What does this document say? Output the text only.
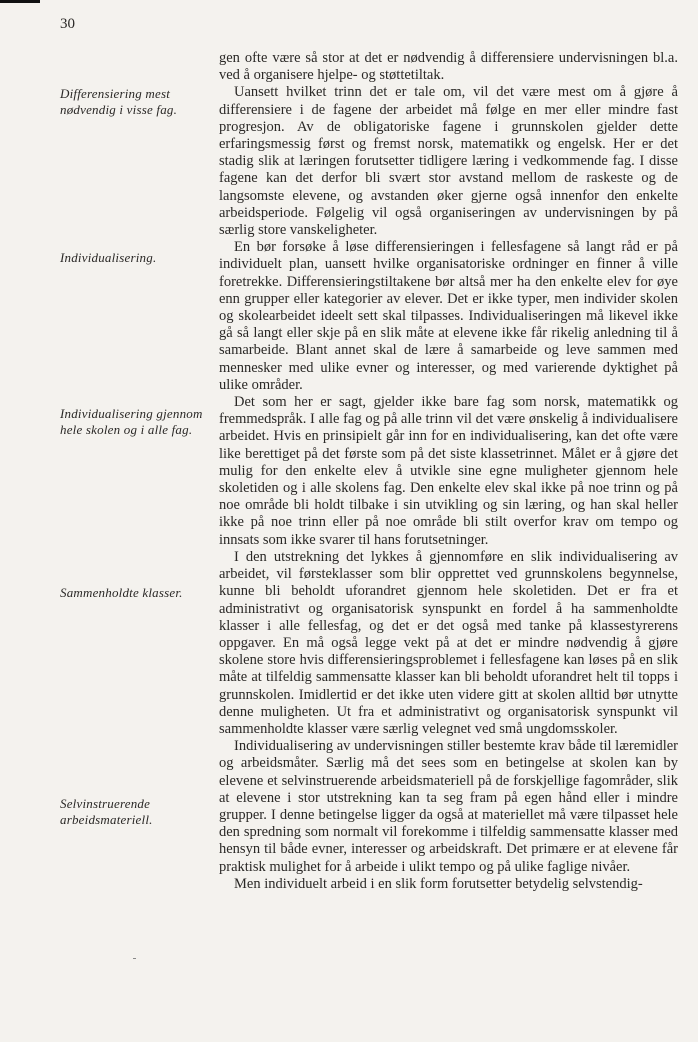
30
Differensiering mest nødvendig i visse fag.
Individualisering.
Individualisering gjennom hele skolen og i alle fag.
Sammenholdte klasser.
Selvinstruerende arbeidsmateriell.

gen ofte være så stor at det er nødvendig å differensiere undervisningen bl.a. ved å organisere hjelpe- og støttetiltak.

Uansett hvilket trinn det er tale om, vil det være mest om å gjøre å differensiere i de fagene der arbeidet må følge en mer eller mindre fast progresjon. Av de obligatoriske fagene i grunnskolen gjelder dette erfaringsmessig først og fremst norsk, matematikk og engelsk. Her er det stadig slik at læringen forutsetter tidligere læring i vedkommende fag. I disse fagene kan det derfor bli svært stor avstand mellom de raskeste og de langsomste elevene, og avstanden øker gjerne også innenfor den enkelte arbeidsperiode. Følgelig vil også organiseringen av undervisningen by på særlig store vanskeligheter.

En bør forsøke å løse differensieringen i fellesfagene så langt råd er på individuelt plan, uansett hvilke organisatoriske ordninger en finner å ville foretrekke. Differensieringstiltakene bør altså mer ha den enkelte elev for øye enn grupper eller kategorier av elever. Det er ikke typer, men individer skolen og skolearbeidet ideelt sett skal tilpasses. Individualiseringen må likevel ikke gå så langt eller skje på en slik måte at elevene ikke får rikelig anledning til å samarbeide. Blant annet skal de lære å samarbeide og leve sammen med mennesker med ulike evner og interesser, og med varierende dyktighet på ulike områder.

Det som her er sagt, gjelder ikke bare fag som norsk, matematikk og fremmedspråk. I alle fag og på alle trinn vil det være ønskelig å individualisere arbeidet. Hvis en prinsipielt går inn for en individualisering, kan det ofte være like berettiget på det første som på det siste klassetrinnet. Målet er å gjøre det mulig for den enkelte elev å utvikle sine egne muligheter gjennom hele skoletiden og i alle skolens fag. Den enkelte elev skal ikke på noe trinn og på noe område bli holdt tilbake i sin utvikling og sin læring, og han skal heller ikke på noe trinn eller på noe område bli stilt overfor krav om tempo og innsats som ikke svarer til hans forutsetninger.

I den utstrekning det lykkes å gjennomføre en slik individualisering av arbeidet, vil førsteklasser som blir opprettet ved grunnskolens begynnelse, kunne bli beholdt uforandret gjennom hele skoletiden. Det er fra et administrativt og organisatorisk synspunkt en fordel å ha sammenholdte klasser i alle fellesfag, og det er det også med tanke på klassestyrerens oppgaver. En må også legge vekt på at det er mindre nødvendig å gjøre skolene store hvis differensieringsproblemet i fellesfagene kan løses på en slik måte at tilfeldig sammensatte klasser kan bli beholdt uforandret helt til topps i grunnskolen. Imidlertid er det ikke uten videre gitt at skolen alltid bør utnytte denne muligheten. Ut fra et administrativt og organisatorisk synspunkt vil sammenholdte klasser være særlig velegnet ved små ungdomsskoler.

Individualisering av undervisningen stiller bestemte krav både til læremidler og arbeidsmåter. Særlig må det sees som en betingelse at skolen kan by elevene et selvinstruerende arbeidsmateriell på de forskjellige fagområder, slik at elevene i stor utstrekning kan ta seg fram på egen hånd eller i mindre grupper. I denne betingelse ligger da også at materiellet må være tilpasset hele den spredning som normalt vil forekomme i tilfeldig sammensatte klasser med hensyn til både evner, interesser og arbeidskraft. Det primære er at elevene får praktisk mulighet for å arbeide i ulikt tempo og på ulike faglige nivåer.

Men individuelt arbeid i en slik form forutsetter betydelig selvstendig-
